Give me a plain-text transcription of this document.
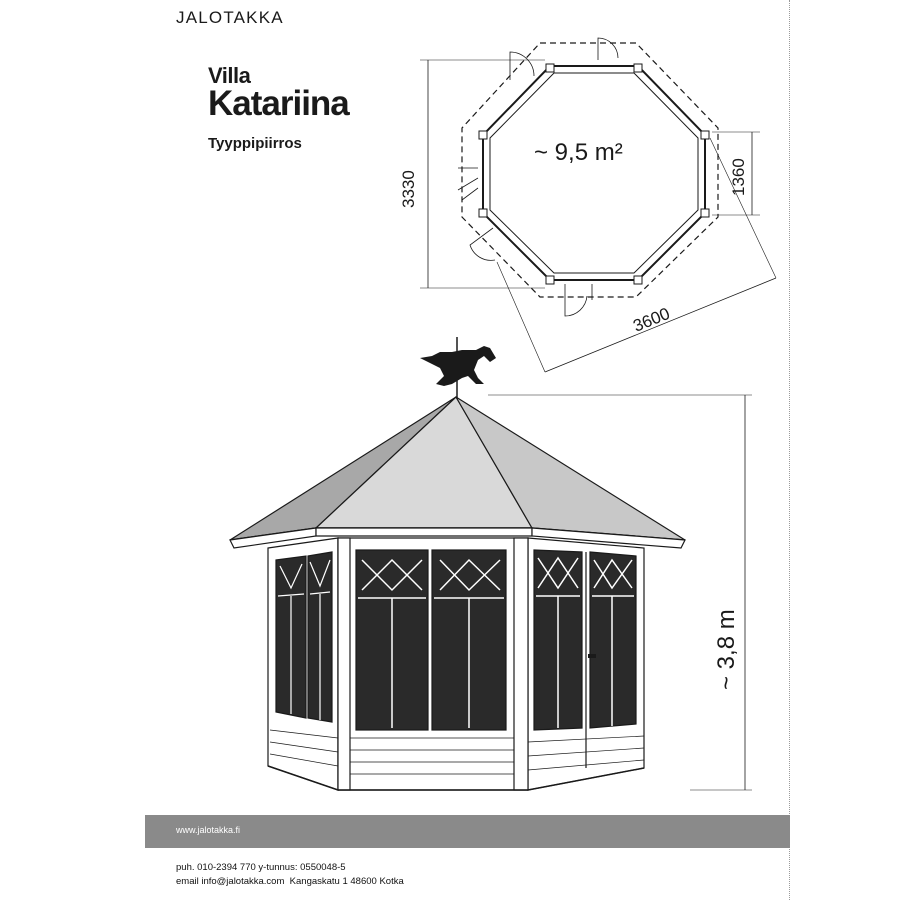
JALOTAKKA
Villa
Katariina
Tyyppipiirros	~ 9,5 m²
3330	1360
3600
~ 3,8 m
www.jalotakka.fi
puh. 010-2394 770 y-tunnus: 0550048-5
email info@jalotakka.com  Kangaskatu 1 48600 Kotka
